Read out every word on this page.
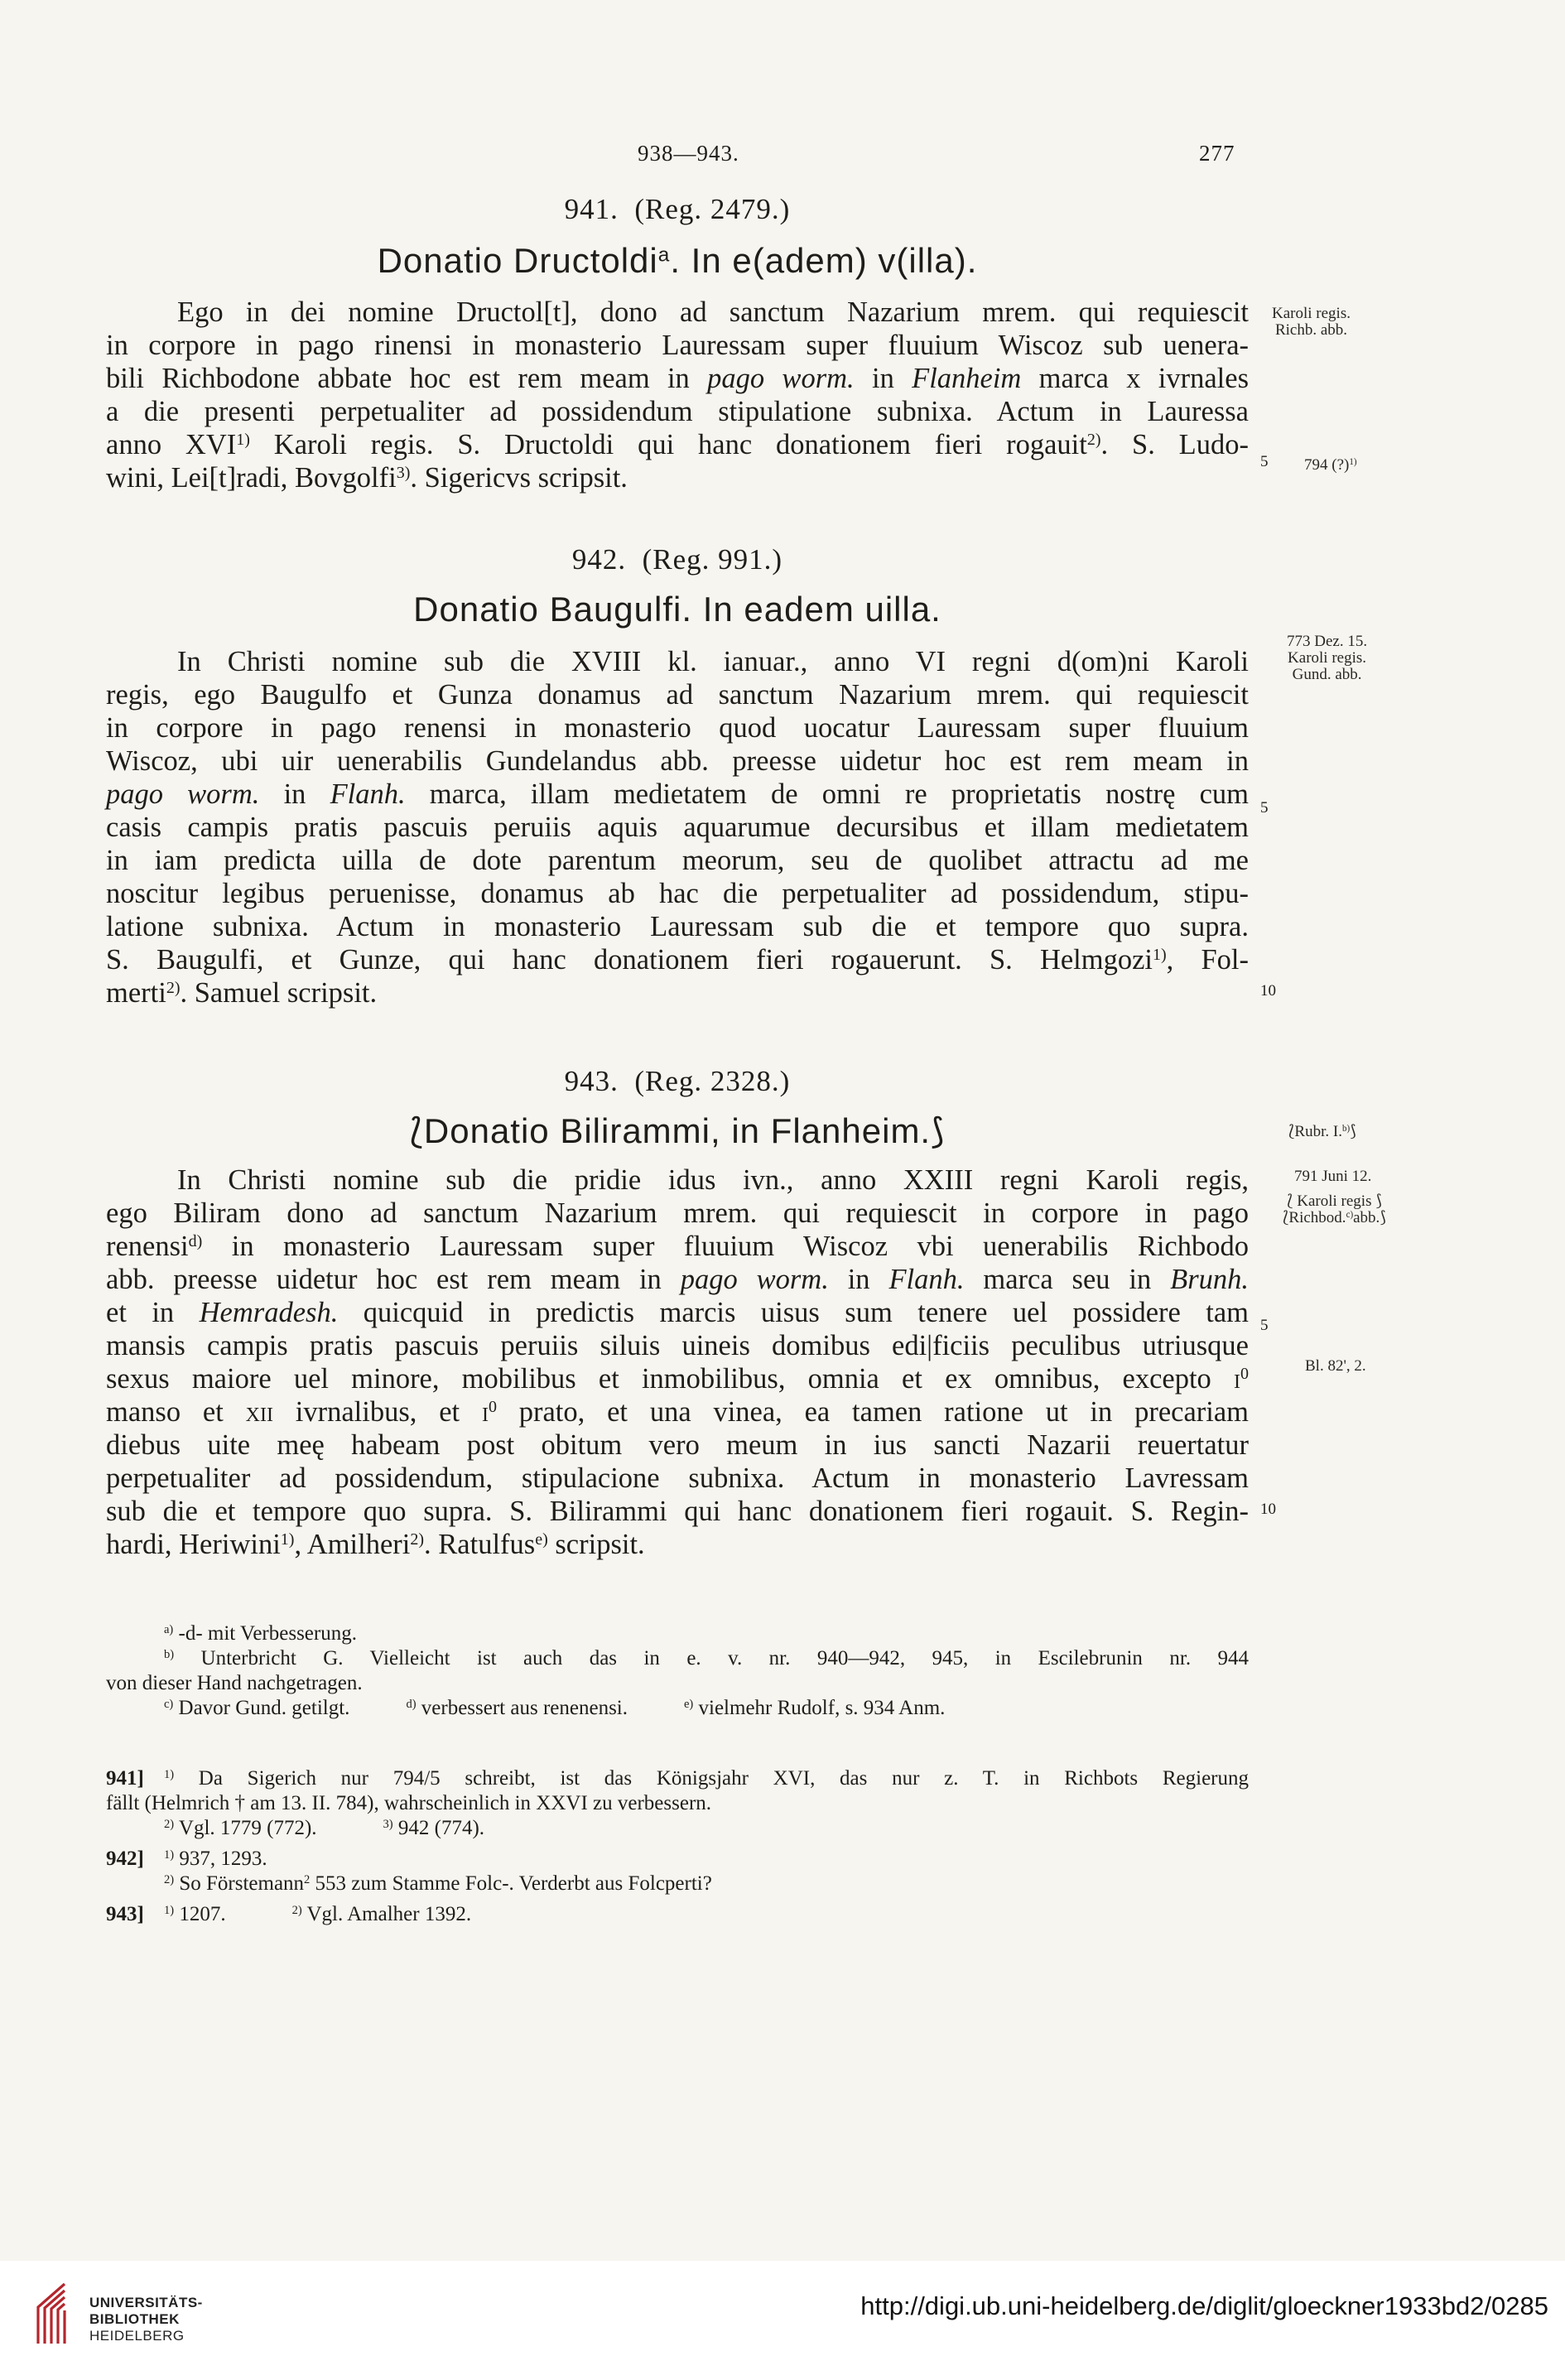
938—943.	277
941. (Reg. 2479.)
Donatio Dructoldi$^a$. In e(adem) v(illa).
Ego in dei nomine Dructol[t], dono ad sanctum Nazarium mrem. qui requiescit
in corpore in pago rinensi in monasterio Lauressam super fluuium Wiscoz sub uenera-
bili Richbodone abbate hoc est rem meam in pago worm. in Flanheim marca x ivrnales
a die presenti perpetualiter ad possidendum stipulatione subnixa. Actum in Lauressa
anno XVI$^{1)}$ Karoli regis. S. Dructoldi qui hanc donationem fieri rogauit$^{2)}$. S. Ludo-
wini, Lei[t]radi, Bovgolfi$^{3)}$. Sigericvs scripsit.
Karoli regis.
Richb. abb.
5 794 (?)$^{1)}$
942. (Reg. 991.)
Donatio Baugulfi. In eadem uilla.
In Christi nomine sub die XVIII kl. ianuar., anno VI regni d(om)ni Karoli
regis, ego Baugulfo et Gunza donamus ad sanctum Nazarium mrem. qui requiescit
in corpore in pago renensi in monasterio quod uocatur Lauressam super fluuium
Wiscoz, ubi uir uenerabilis Gundelandus abb. preesse uidetur hoc est rem meam in
pago worm. in Flanh. marca, illam medietatem de omni re proprietatis nostrę cum
casis campis pratis pascuis peruiis aquis aquarumue decursibus et illam medietatem
in iam predicta uilla de dote parentum meorum, seu de quolibet attractu ad me
noscitur legibus peruenisse, donamus ab hac die perpetualiter ad possidendum, stipu-
latione subnixa. Actum in monasterio Lauressam sub die et tempore quo supra.
S. Baugulfi, et Gunze, qui hanc donationem fieri rogauerunt. S. Helmgozi$^{1)}$, Fol-
merti$^{2)}$. Samuel scripsit.
773 Dez. 15.
Karoli regis.
Gund. abb.
5
10
943. (Reg. 2328.)
⟅Donatio Bilirammi, in Flanheim.⟆
In Christi nomine sub die pridie idus ivn., anno XXIII regni Karoli regis,
ego Biliram dono ad sanctum Nazarium mrem. qui requiescit in corpore in pago
renensi$^{d)}$ in monasterio Lauressam super fluuium Wiscoz vbi uenerabilis Richbodo
abb. preesse uidetur hoc est rem meam in pago worm. in Flanh. marca seu in Brunh.
et in Hemradesh. quicquid in predictis marcis uisus sum tenere uel possidere tam
mansis campis pratis pascuis peruiis siluis uineis domibus edi|ficiis peculibus utriusque
sexus maiore uel minore, mobilibus et inmobilibus, omnia et ex omnibus, excepto $i^0$
manso et xii ivrnalibus, et $i^0$ prato, et una vinea, ea tamen ratione ut in precariam
diebus uite meę habeam post obitum vero meum in ius sancti Nazarii reuertatur
perpetualiter ad possidendum, stipulacione subnixa. Actum in monasterio Lavressam
sub die et tempore quo supra. S. Bilirammi qui hanc donationem fieri rogauit. S. Regin-
hardi, Heriwini$^{1)}$, Amilheri$^{2)}$. Ratulfus$^{e)}$ scripsit.
⟅Rubr. I.$^{b)}$⟆
791 Juni 12.
⟅ Karoli regis ⟆
⟅Richbod.$^{c)}$abb.⟆
5
Bl. 82', 2.
10
$^{a)}$ -d- mit Verbesserung.
$^{b)}$ Unterbricht G. Vielleicht ist auch das in e. v. nr. 940—942, 945, in Escilebrunin nr. 944
von dieser Hand nachgetragen.
$^{c)}$ Davor Gund. getilgt.	$^{d)}$ verbessert aus renenensi.	$^{e)}$ vielmehr Rudolf, s. 934 Anm.
941] $^{1)}$ Da Sigerich nur 794/5 schreibt, ist das Königsjahr XVI, das nur z. T. in Richbots Regierung
fällt (Helmrich † am 13. II. 784), wahrscheinlich in XXVI zu verbessern.
$^{2)}$ Vgl. 1779 (772).	$^{3)}$ 942 (774).
942] $^{1)}$ 937, 1293.
$^{2)}$ So Förstemann$^2$ 553 zum Stamme Folc-. Verderbt aus Folcperti?
943] $^{1)}$ 1207.	$^{2)}$ Vgl. Amalher 1392.
UNIVERSITÄTS-
BIBLIOTHEK
HEIDELBERG
http://digi.ub.uni-heidelberg.de/diglit/gloeckner1933bd2/0285
